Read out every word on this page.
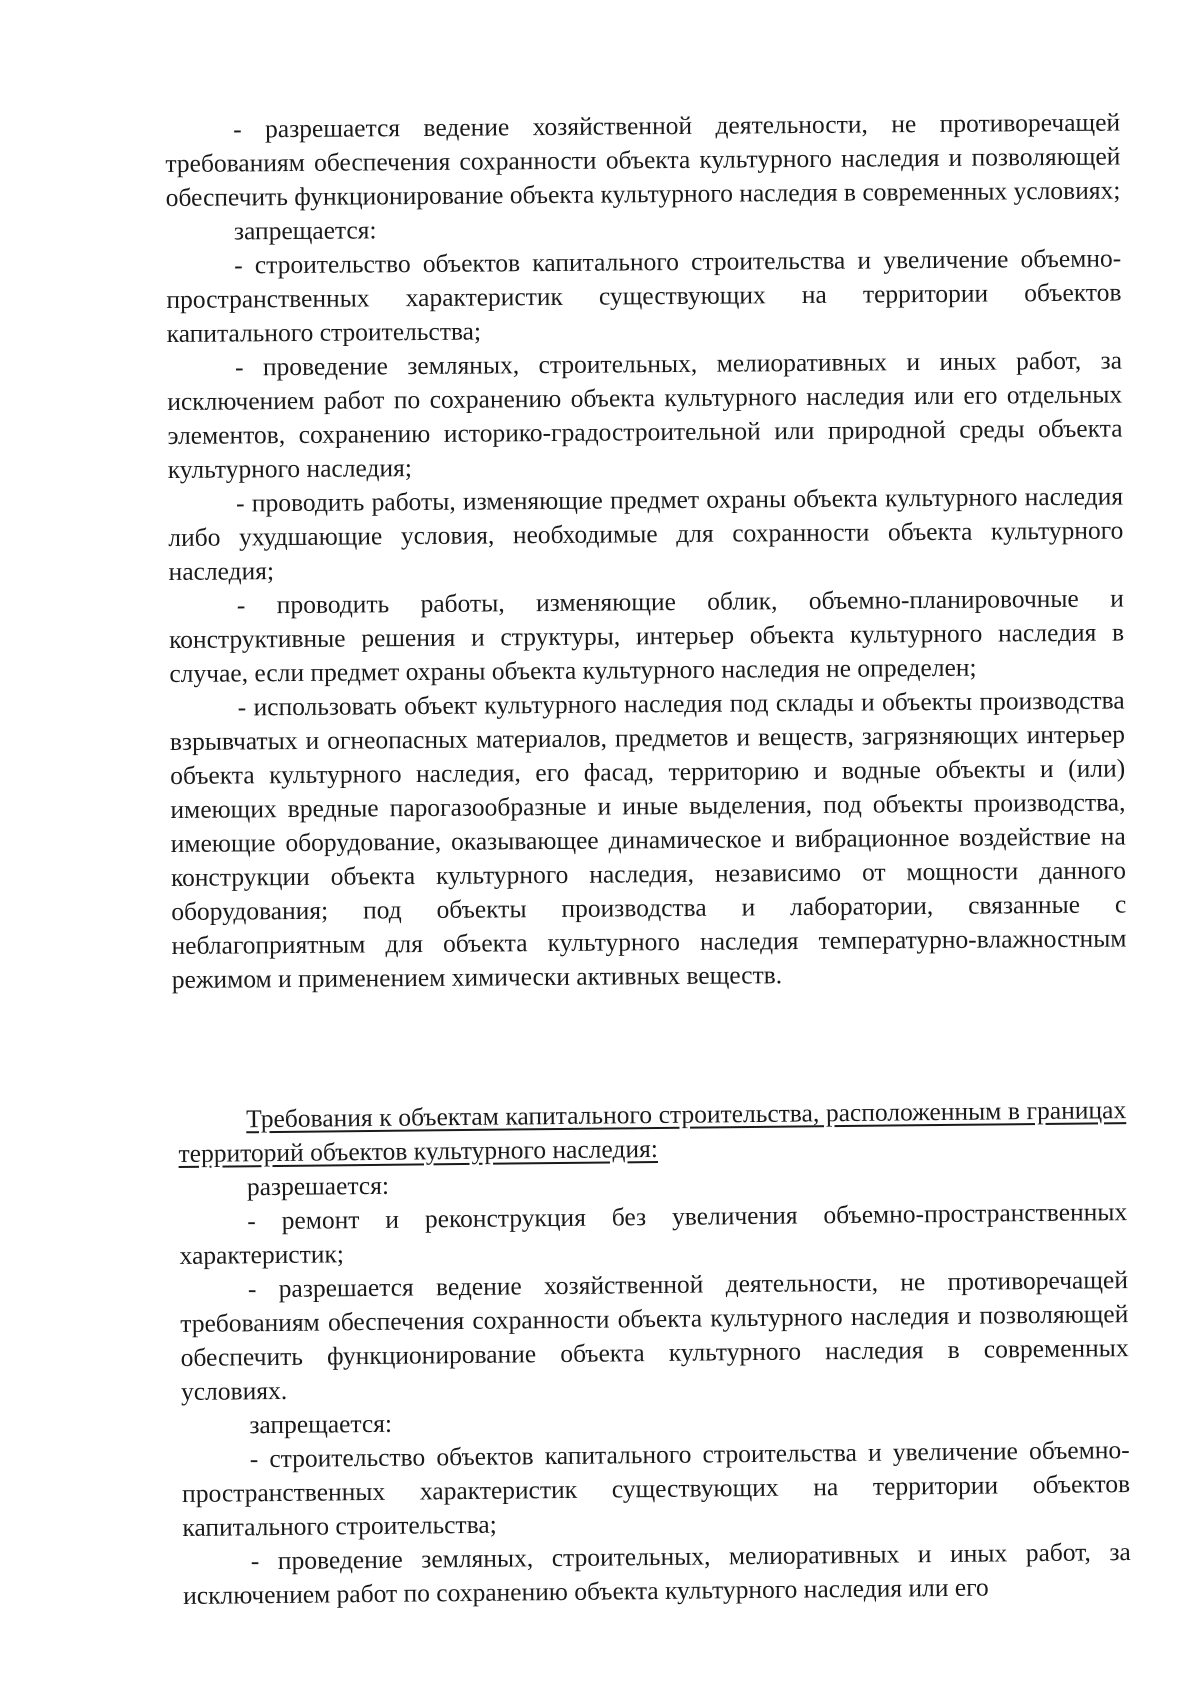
- разрешается ведение хозяйственной деятельности, не противоречащей требованиям обеспечения сохранности объекта культурного наследия и позволяющей обеспечить функционирование объекта культурного наследия в современных условиях;

запрещается:

- строительство объектов капитального строительства и увеличение объемно-пространственных характеристик существующих на территории объектов капитального строительства;

- проведение земляных, строительных, мелиоративных и иных работ, за исключением работ по сохранению объекта культурного наследия или его отдельных элементов, сохранению историко-градостроительной или природной среды объекта культурного наследия;

- проводить работы, изменяющие предмет охраны объекта культурного наследия либо ухудшающие условия, необходимые для сохранности объекта культурного наследия;

- проводить работы, изменяющие облик, объемно-планировочные и конструктивные решения и структуры, интерьер объекта культурного наследия в случае, если предмет охраны объекта культурного наследия не определен;

- использовать объект культурного наследия под склады и объекты производства взрывчатых и огнеопасных материалов, предметов и веществ, загрязняющих интерьер объекта культурного наследия, его фасад, территорию и водные объекты и (или) имеющих вредные парогазообразные и иные выделения, под объекты производства, имеющие оборудование, оказывающее динамическое и вибрационное воздействие на конструкции объекта культурного наследия, независимо от мощности данного оборудования; под объекты производства и лаборатории, связанные с неблагоприятным для объекта культурного наследия температурно-влажностным режимом и применением химически активных веществ.

Требования к объектам капитального строительства, расположенным в границах территорий объектов культурного наследия:

разрешается:

- ремонт и реконструкция без увеличения объемно-пространственных характеристик;

- разрешается ведение хозяйственной деятельности, не противоречащей требованиям обеспечения сохранности объекта культурного наследия и позволяющей обеспечить функционирование объекта культурного наследия в современных условиях.

запрещается:

- строительство объектов капитального строительства и увеличение объемно-пространственных характеристик существующих на территории объектов капитального строительства;

- проведение земляных, строительных, мелиоративных и иных работ, за исключением работ по сохранению объекта культурного наследия или его
